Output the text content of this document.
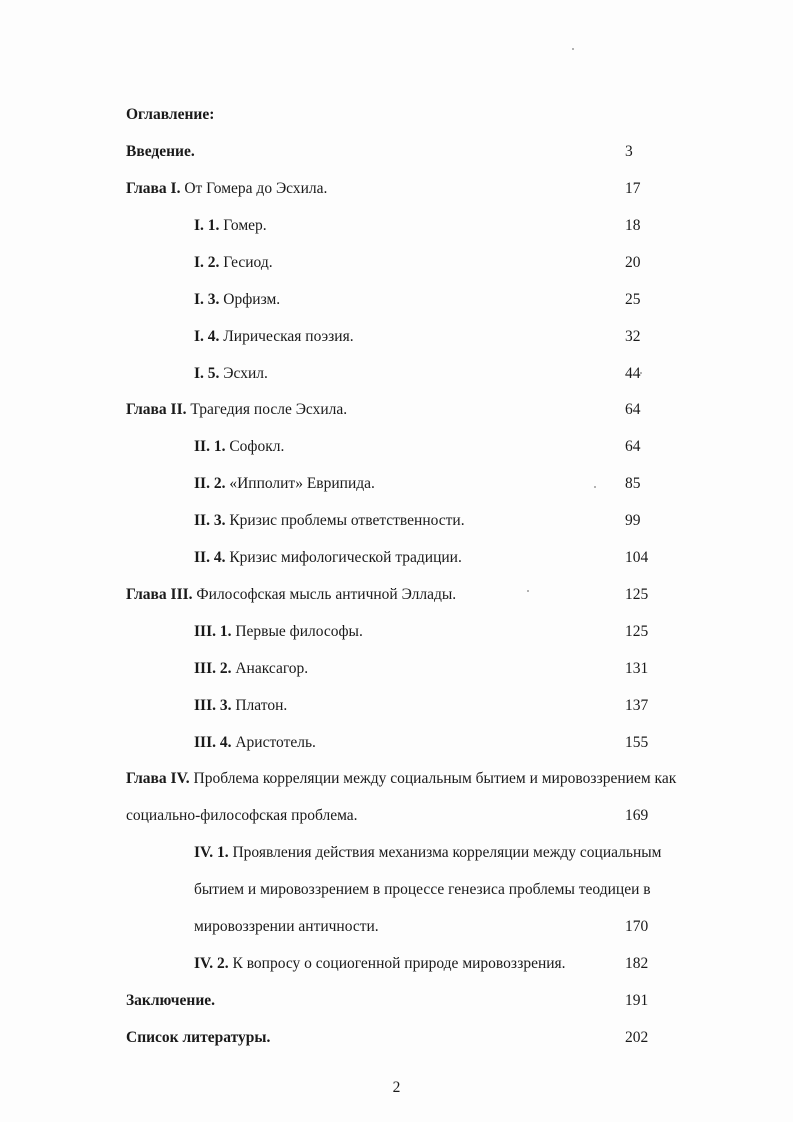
Оглавление:
Введение.	3
Глава I. От Гомера до Эсхила.	17
I. 1. Гомер.	18
I. 2. Гесиод.	20
I. 3. Орфизм.	25
I. 4. Лирическая поэзия.	32
I. 5. Эсхил.	44
Глава II. Трагедия после Эсхила.	64
II. 1. Софокл.	64
II. 2. «Ипполит» Еврипида.	85
II. 3. Кризис проблемы ответственности.	99
II. 4. Кризис мифологической традиции.	104
Глава III. Философская мысль античной Эллады.	125
III. 1. Первые философы.	125
III. 2. Анаксагор.	131
III. 3. Платон.	137
III. 4. Аристотель.	155
Глава IV. Проблема корреляции между социальным бытием и мировоззрением как
социально-философская проблема.	169
IV. 1. Проявления действия механизма корреляции между социальным
бытием и мировоззрением в процессе генезиса проблемы теодицеи в
мировоззрении античности.	170
IV. 2. К вопросу о социогенной природе мировоззрения.	182
Заключение.	191
Список литературы.	202
2
